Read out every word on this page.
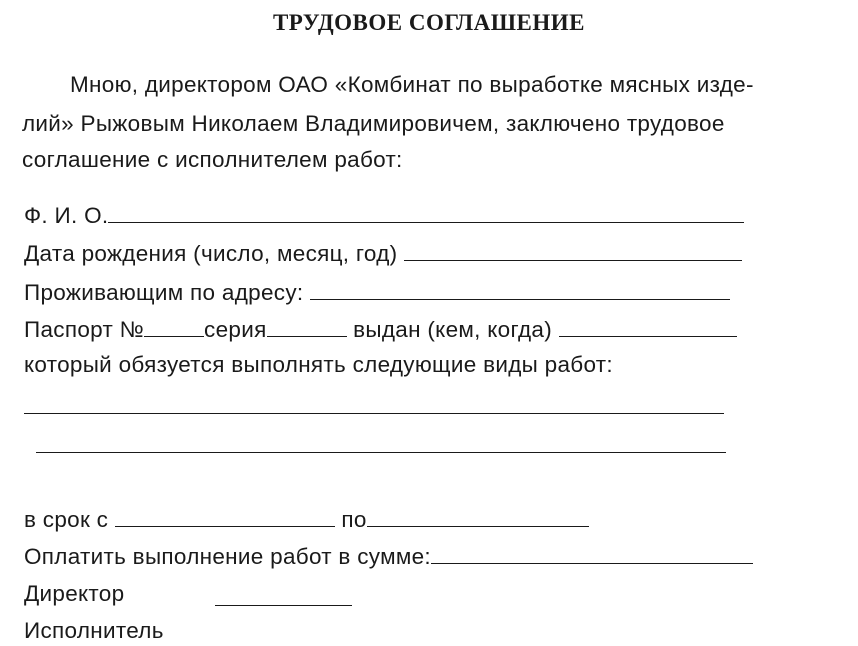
ТРУДОВОЕ СОГЛАШЕНИЕ
Мною, директором ОАО «Комбинат по выработке мясных изде-
лий» Рыжовым Николаем Владимировичем, заключено трудовое
соглашение с исполнителем работ:
Ф. И. О.
Дата рождения (число, месяц, год)
Проживающим по адресу:
Паспорт №	серия	выдан (кем, когда)
который обязуется выполнять следующие виды работ:
в срок с	по
Оплатить выполнение работ в сумме:
Директор
Исполнитель
